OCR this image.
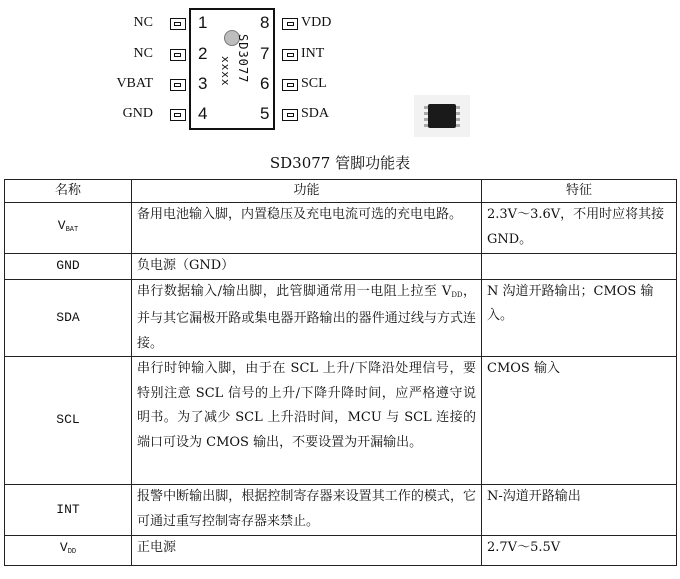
SD3077
xxxx
NC	1
NC	2
VBAT	3
GND	4
8 VDD
7 INT
6 SCL
5 SDA
SD3077 管脚功能表
名称	功能	特征
$V_{BAT}$	备用电池输入脚，内置稳压及充电电流可选的充电电路。	2.3V～3.6V，不用时应将其接 GND。
GND	负电源（GND）	
SDA	串行数据输入/输出脚，此管脚通常用一电阻上拉至 $V_{DD}$，并与其它漏极开路或集电器开路输出的器件通过线与方式连接。	N 沟道开路输出；CMOS 输入。
SCL	串行时钟输入脚，由于在 SCL 上升/下降沿处理信号，要特别注意 SCL 信号的上升/下降升降时间，应严格遵守说明书。为了减少 SCL 上升沿时间，MCU 与 SCL 连接的端口可设为 CMOS 输出，不要设置为开漏输出。	CMOS 输入
INT	报警中断输出脚，根据控制寄存器来设置其工作的模式，它可通过重写控制寄存器来禁止。	N-沟道开路输出
$V_{DD}$	正电源	2.7V～5.5V
